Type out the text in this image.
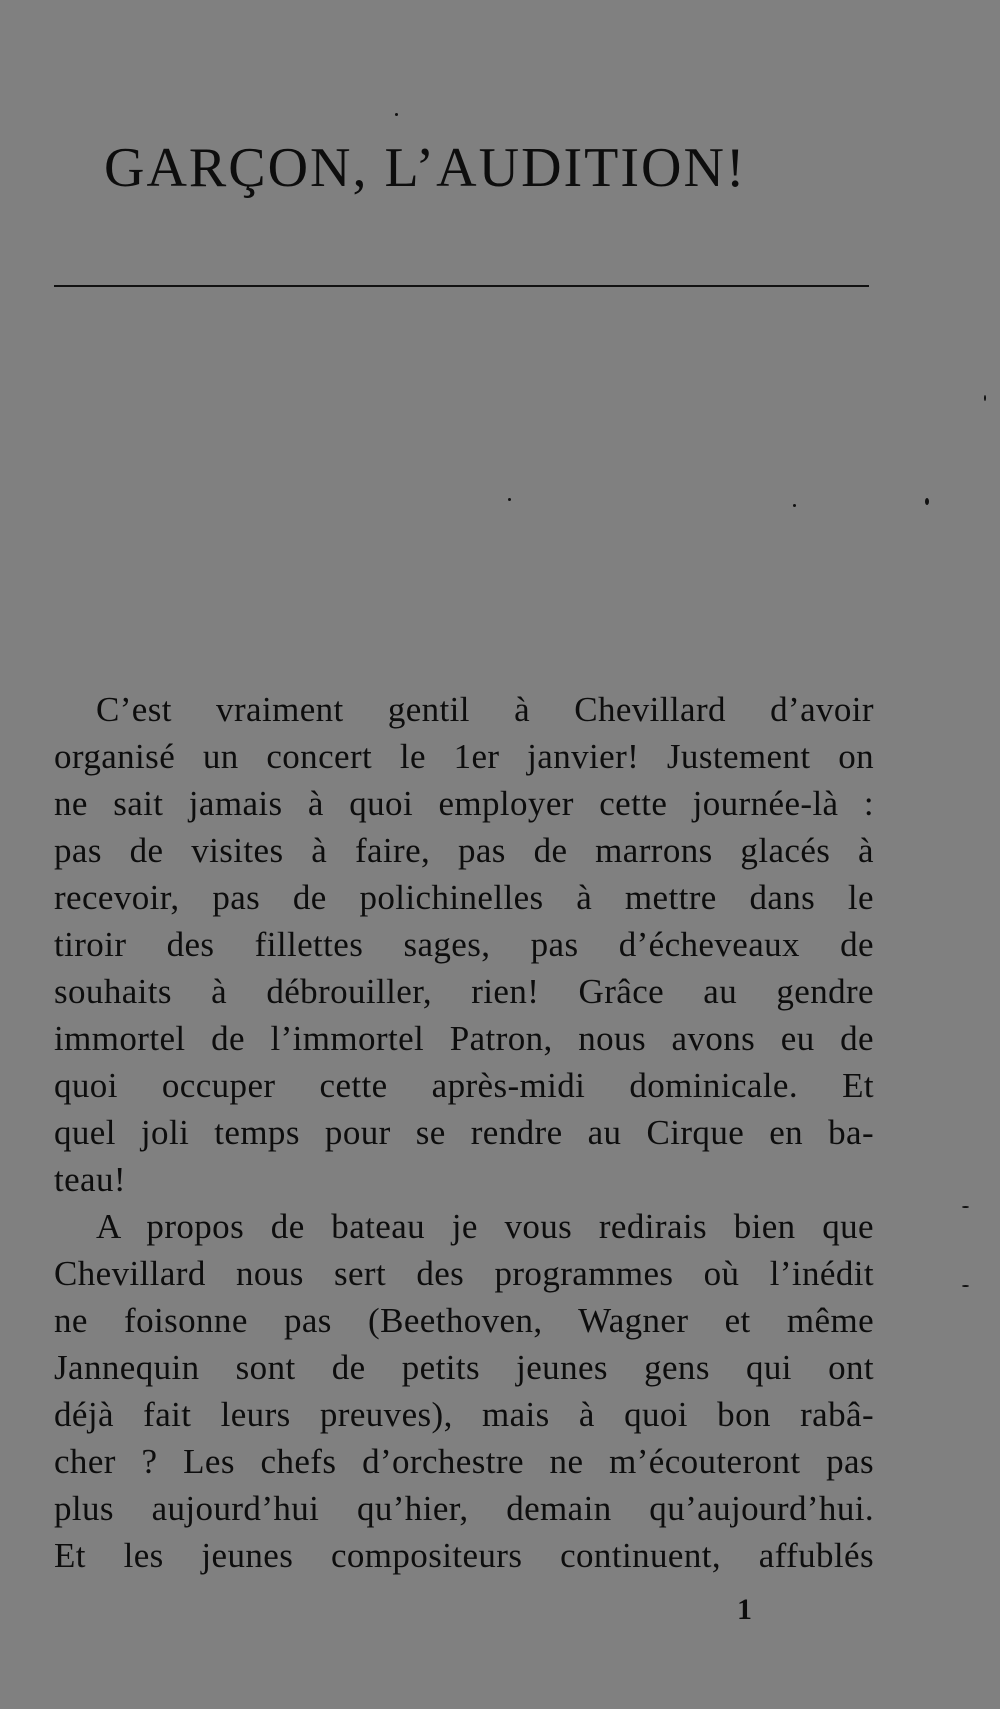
GARÇON, L’AUDITION!
C’est vraiment gentil à Chevillard d’avoir
organisé un concert le 1er janvier! Justement on
ne sait jamais à quoi employer cette journée-là :
pas de visites à faire, pas de marrons glacés à
recevoir, pas de polichinelles à mettre dans le
tiroir des fillettes sages, pas d’écheveaux de
souhaits à débrouiller, rien! Grâce au gendre
immortel de l’immortel Patron, nous avons eu de
quoi occuper cette après-midi dominicale. Et
quel joli temps pour se rendre au Cirque en ba-
teau!
A propos de bateau je vous redirais bien que
Chevillard nous sert des programmes où l’inédit
ne foisonne pas (Beethoven, Wagner et même
Jannequin sont de petits jeunes gens qui ont
déjà fait leurs preuves), mais à quoi bon rabâ-
cher ? Les chefs d’orchestre ne m’écouteront pas
plus aujourd’hui qu’hier, demain qu’aujourd’hui.
Et les jeunes compositeurs continuent, affublés
1
